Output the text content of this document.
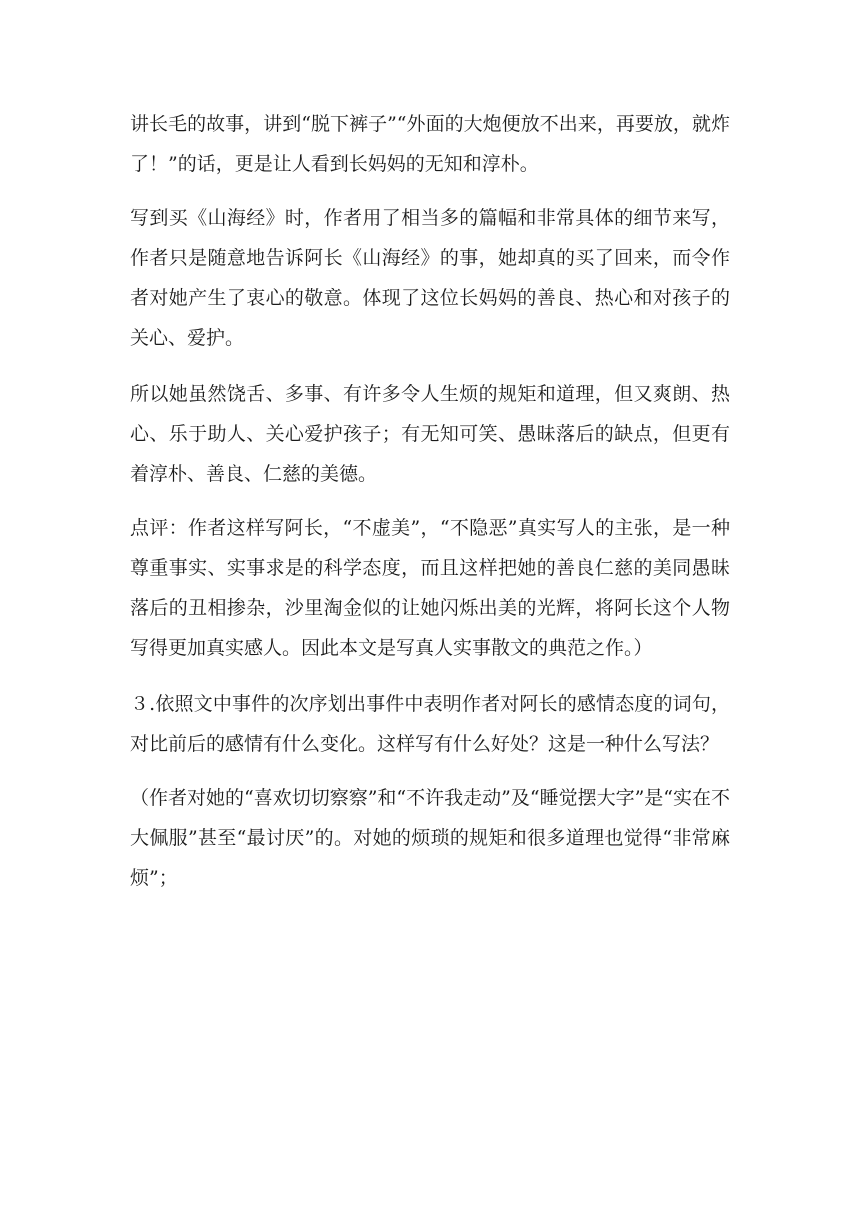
讲长毛的故事，讲到“脱下裤子”“外面的大炮便放不出来，再要放，就炸了！”的话，更是让人看到长妈妈的无知和淳朴。

写到买《山海经》时，作者用了相当多的篇幅和非常具体的细节来写，作者只是随意地告诉阿长《山海经》的事，她却真的买了回来，而令作者对她产生了衷心的敬意。体现了这位长妈妈的善良、热心和对孩子的关心、爱护。

所以她虽然饶舌、多事、有许多令人生烦的规矩和道理，但又爽朗、热心、乐于助人、关心爱护孩子；有无知可笑、愚昧落后的缺点，但更有着淳朴、善良、仁慈的美德。

点评：作者这样写阿长，“不虚美”，“不隐恶”真实写人的主张，是一种尊重事实、实事求是的科学态度，而且这样把她的善良仁慈的美同愚昧落后的丑相掺杂，沙里淘金似的让她闪烁出美的光辉，将阿长这个人物写得更加真实感人。因此本文是写真人实事散文的典范之作。）

３.依照文中事件的次序划出事件中表明作者对阿长的感情态度的词句，对比前后的感情有什么变化。这样写有什么好处？这是一种什么写法？

（作者对她的“喜欢切切察察”和“不许我走动”及“睡觉摆大字”是“实在不大佩服”甚至“最讨厌”的。对她的烦琐的规矩和很多道理也觉得“非常麻烦”；
